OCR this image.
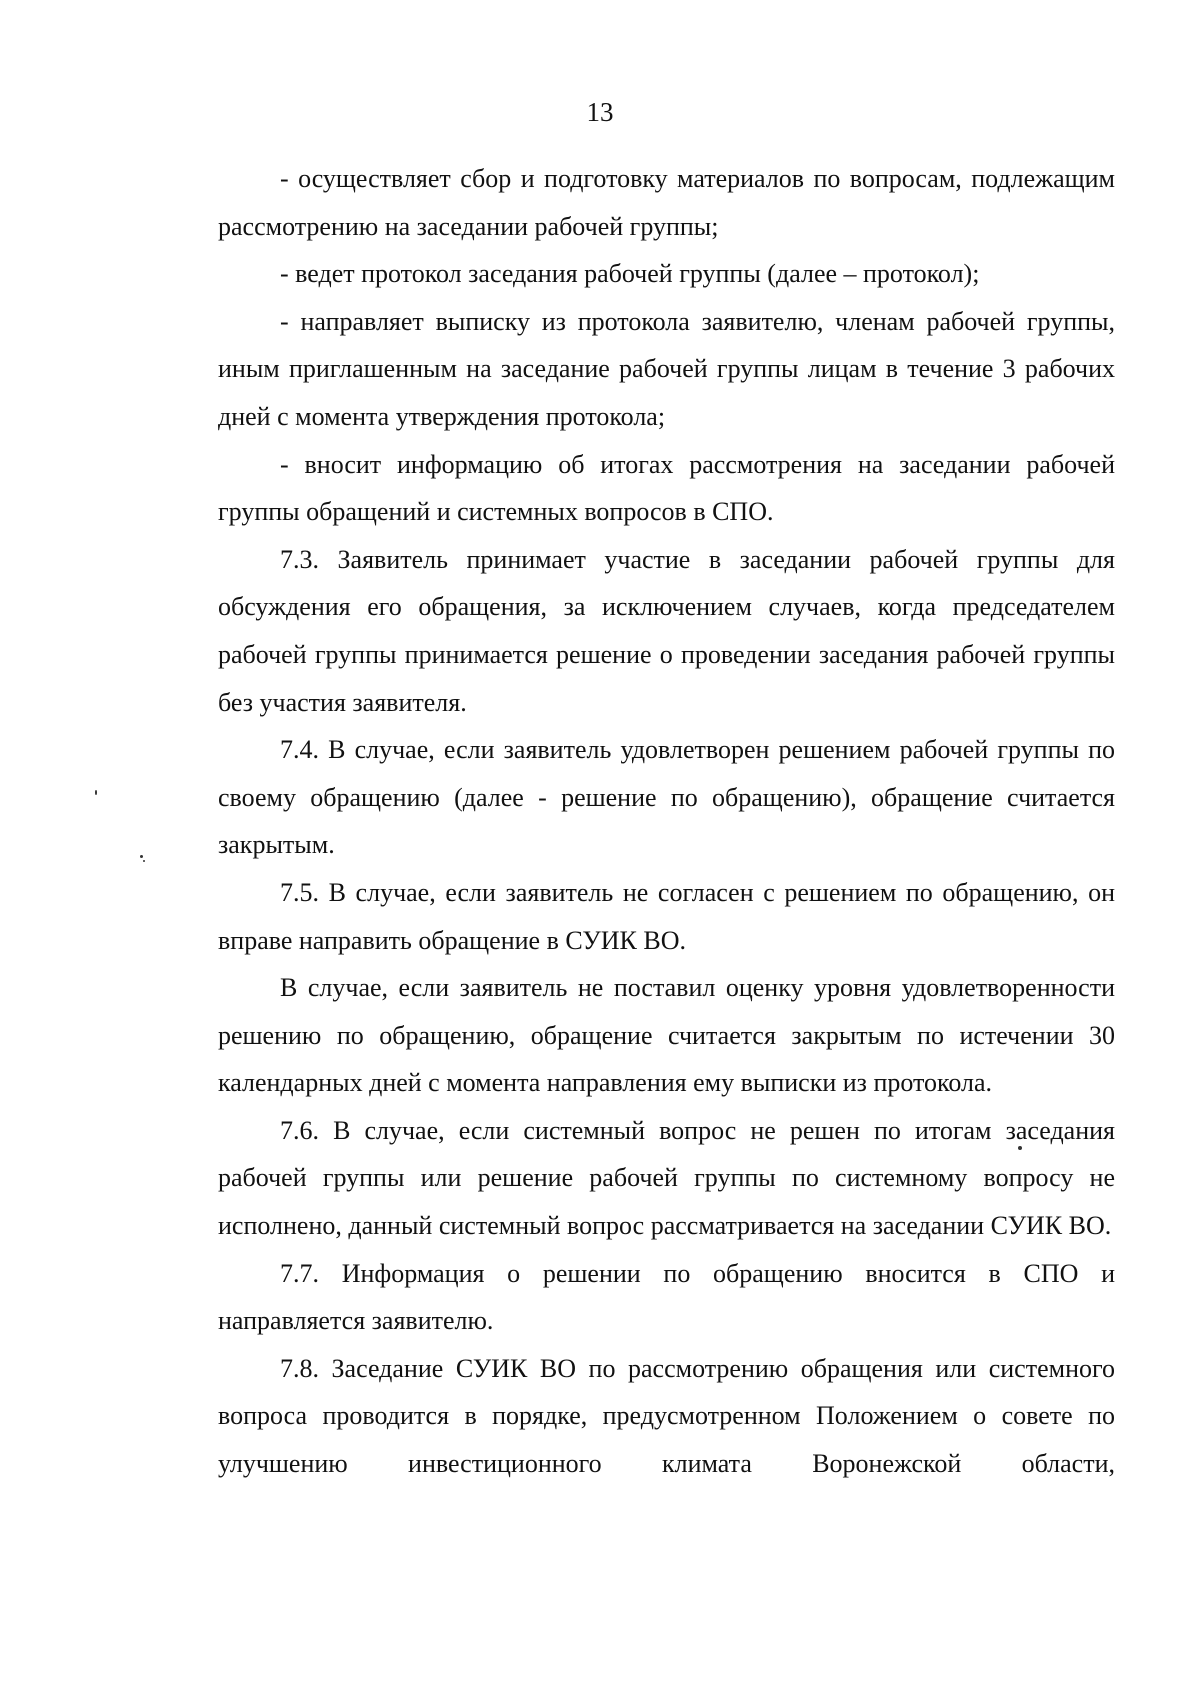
13

- осуществляет сбор и подготовку материалов по вопросам, подлежащим рассмотрению на заседании рабочей группы;

- ведет протокол заседания рабочей группы (далее – протокол);

- направляет выписку из протокола заявителю, членам рабочей группы, иным приглашенным на заседание рабочей группы лицам в течение 3 рабочих дней с момента утверждения протокола;

- вносит информацию об итогах рассмотрения на заседании рабочей группы обращений и системных вопросов в СПО.

7.3. Заявитель принимает участие в заседании рабочей группы для обсуждения его обращения, за исключением случаев, когда председателем рабочей группы принимается решение о проведении заседания рабочей группы без участия заявителя.

7.4. В случае, если заявитель удовлетворен решением рабочей группы по своему обращению (далее - решение по обращению), обращение считается закрытым.

7.5. В случае, если заявитель не согласен с решением по обращению, он вправе направить обращение в СУИК ВО.

В случае, если заявитель не поставил оценку уровня удовлетворенности решению по обращению, обращение считается закрытым по истечении 30 календарных дней с момента направления ему выписки из протокола.

7.6. В случае, если системный вопрос не решен по итогам заседания рабочей группы или решение рабочей группы по системному вопросу не исполнено, данный системный вопрос рассматривается на заседании СУИК ВО.

7.7. Информация о решении по обращению вносится в СПО и направляется заявителю.

7.8. Заседание СУИК ВО по рассмотрению обращения или системного вопроса проводится в порядке, предусмотренном Положением о совете по улучшению инвестиционного климата Воронежской области,
